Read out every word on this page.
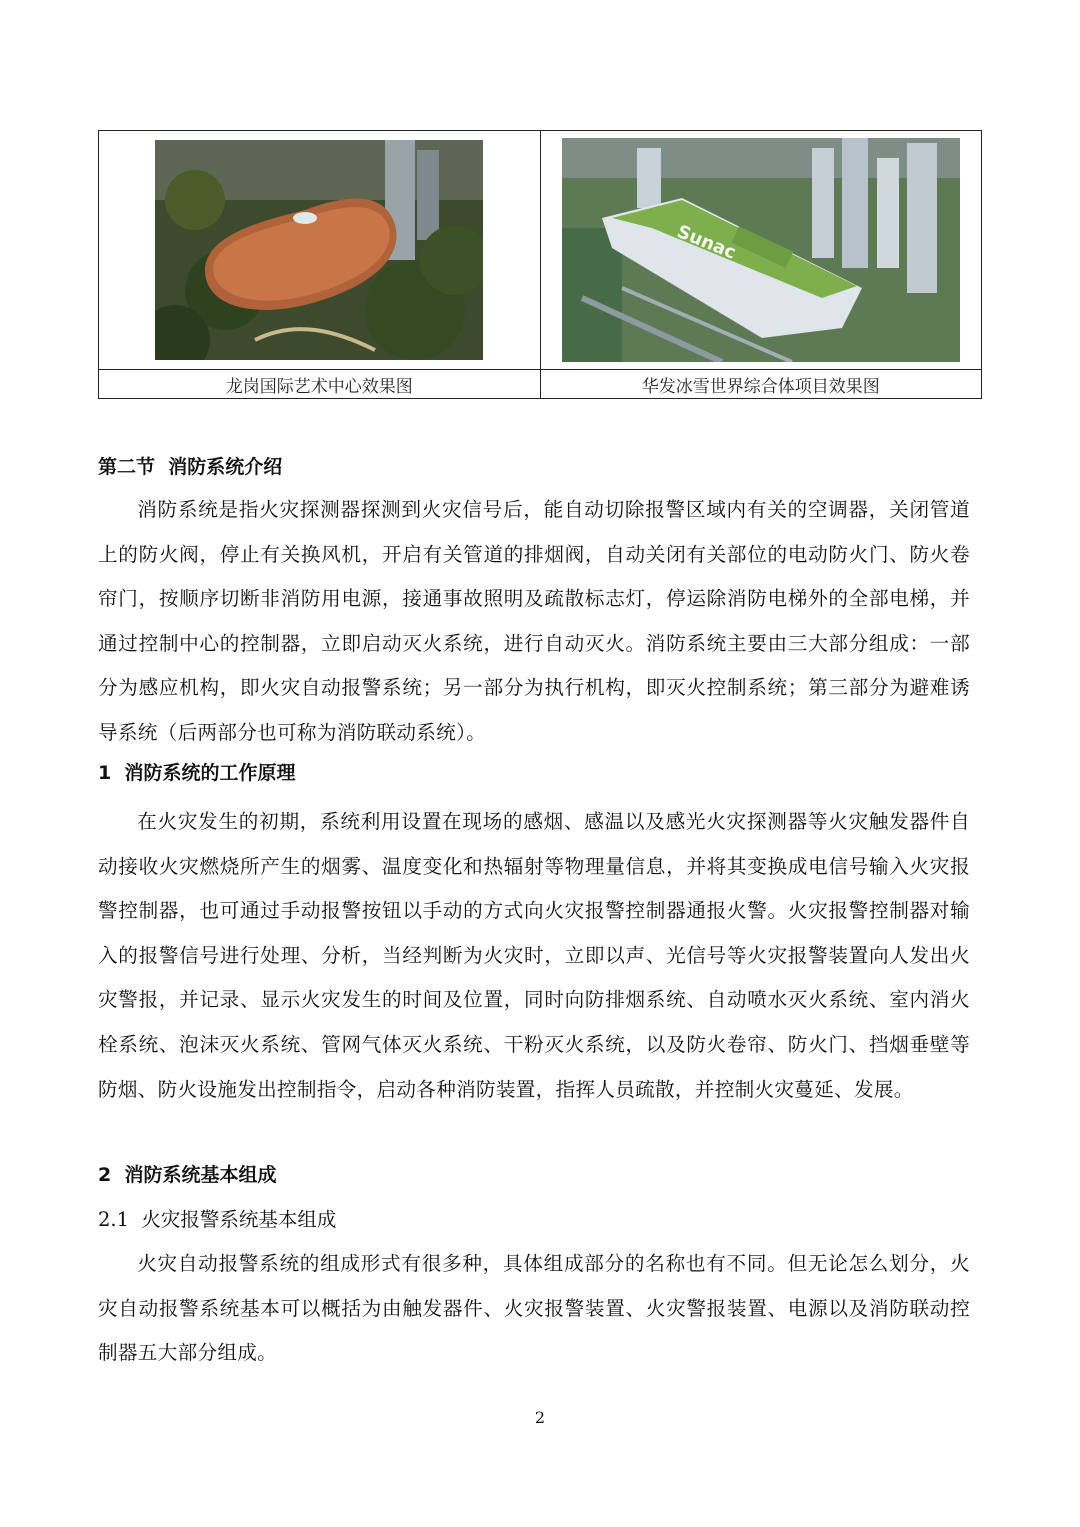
Sunac

龙岗国际艺术中心效果图	华发冰雪世界综合体项目效果图
第二节  消防系统介绍
消防系统是指火灾探测器探测到火灾信号后，能自动切除报警区域内有关的空调器，关闭管道上的防火阀，停止有关换风机，开启有关管道的排烟阀，自动关闭有关部位的电动防火门、防火卷帘门，按顺序切断非消防用电源，接通事故照明及疏散标志灯，停运除消防电梯外的全部电梯，并通过控制中心的控制器，立即启动灭火系统，进行自动灭火。消防系统主要由三大部分组成：一部分为感应机构，即火灾自动报警系统；另一部分为执行机构，即灭火控制系统；第三部分为避难诱导系统（后两部分也可称为消防联动系统）。
1  消防系统的工作原理
在火灾发生的初期，系统利用设置在现场的感烟、感温以及感光火灾探测器等火灾触发器件自动接收火灾燃烧所产生的烟雾、温度变化和热辐射等物理量信息，并将其变换成电信号输入火灾报警控制器，也可通过手动报警按钮以手动的方式向火灾报警控制器通报火警。火灾报警控制器对输入的报警信号进行处理、分析，当经判断为火灾时，立即以声、光信号等火灾报警装置向人发出火灾警报，并记录、显示火灾发生的时间及位置，同时向防排烟系统、自动喷水灭火系统、室内消火栓系统、泡沫灭火系统、管网气体灭火系统、干粉灭火系统，以及防火卷帘、防火门、挡烟垂壁等防烟、防火设施发出控制指令，启动各种消防装置，指挥人员疏散，并控制火灾蔓延、发展。
2  消防系统基本组成
2.1  火灾报警系统基本组成
火灾自动报警系统的组成形式有很多种，具体组成部分的名称也有不同。但无论怎么划分，火灾自动报警系统基本可以概括为由触发器件、火灾报警装置、火灾警报装置、电源以及消防联动控制器五大部分组成。
2
